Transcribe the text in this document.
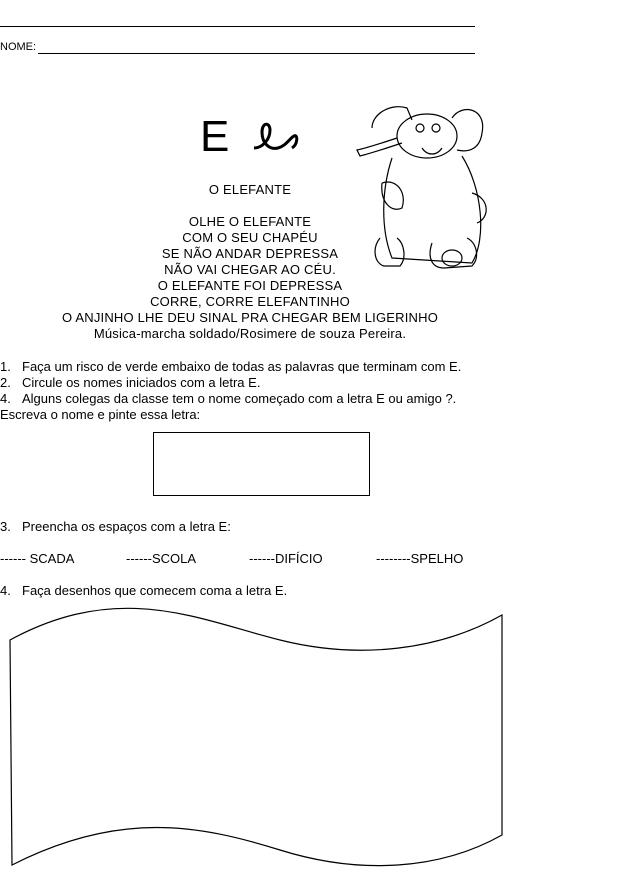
NOME:
E
O ELEFANTE
OLHE O ELEFANTE
COM O SEU CHAPÉU
SE NÃO ANDAR DEPRESSA
NÃO VAI CHEGAR AO CÉU.
O ELEFANTE FOI DEPRESSA
CORRE, CORRE ELEFANTINHO
O ANJINHO LHE DEU SINAL PRA CHEGAR BEM LIGERINHO
Música-marcha soldado/Rosimere de souza Pereira.
1. Faça um risco de verde embaixo de todas as palavras que terminam com E.
2. Circule os nomes iniciados com a letra E.
4. Alguns colegas da classe tem o nome começado com a letra E ou amigo ?.
Escreva o nome e pinte essa letra:
3. Preencha os espaços com a letra E:
------ SCADA	------SCOLA	------DIFÍCIO	--------SPELHO
4. Faça desenhos que comecem coma a letra E.
